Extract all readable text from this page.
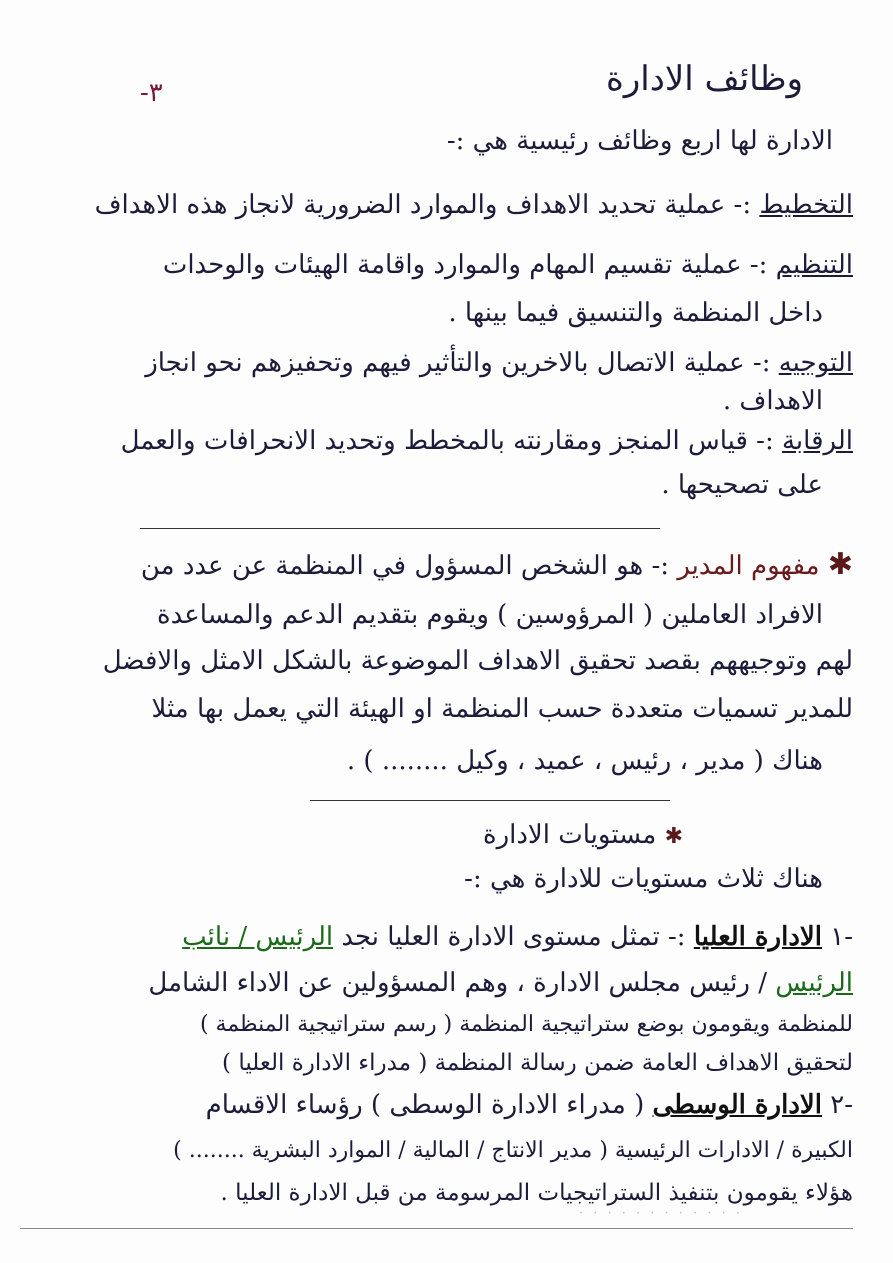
-٣	وظائف الادارة
الادارة لها اربع وظائف رئيسية هي :-
التخطيط :- عملية تحديد الاهداف والموارد الضرورية لانجاز هذه الاهداف
التنظيم :- عملية تقسيم المهام والموارد واقامة الهيئات والوحدات
داخل المنظمة والتنسيق فيما بينها .
التوجيه :- عملية الاتصال بالاخرين والتأثير فيهم وتحفيزهم نحو انجاز
الاهداف .
الرقابة :- قياس المنجز ومقارنته بالمخطط وتحديد الانحرافات والعمل
على تصحيحها .
✱ مفهوم المدير :- هو الشخص المسؤول في المنظمة عن عدد من
الافراد العاملين ( المرؤوسين ) ويقوم بتقديم الدعم والمساعدة
لهم وتوجيههم بقصد تحقيق الاهداف الموضوعة بالشكل الامثل والافضل
للمدير تسميات متعددة حسب المنظمة او الهيئة التي يعمل بها مثلا
هناك ( مدير ، رئيس ، عميد ، وكيل ........ ) .
✱ مستويات الادارة
هناك ثلاث مستويات للادارة هي :-
-١ الادارة العليا :- تمثل مستوى الادارة العليا نجد الرئيس / نائب
الرئيس / رئيس مجلس الادارة ، وهم المسؤولين عن الاداء الشامل
للمنظمة ويقومون بوضع ستراتيجية المنظمة ( رسم ستراتيجية المنظمة )
لتحقيق الاهداف العامة ضمن رسالة المنظمة ( مدراء الادارة العليا )
-٢ الادارة الوسطى ( مدراء الادارة الوسطى ) رؤساء الاقسام
الكبيرة / الادارات الرئيسية ( مدير الانتاج / المالية / الموارد البشرية ........ )
هؤلاء يقومون بتنفيذ الستراتيجيات المرسومة من قبل الادارة العليا .
· · · · · · · · · · · ·
